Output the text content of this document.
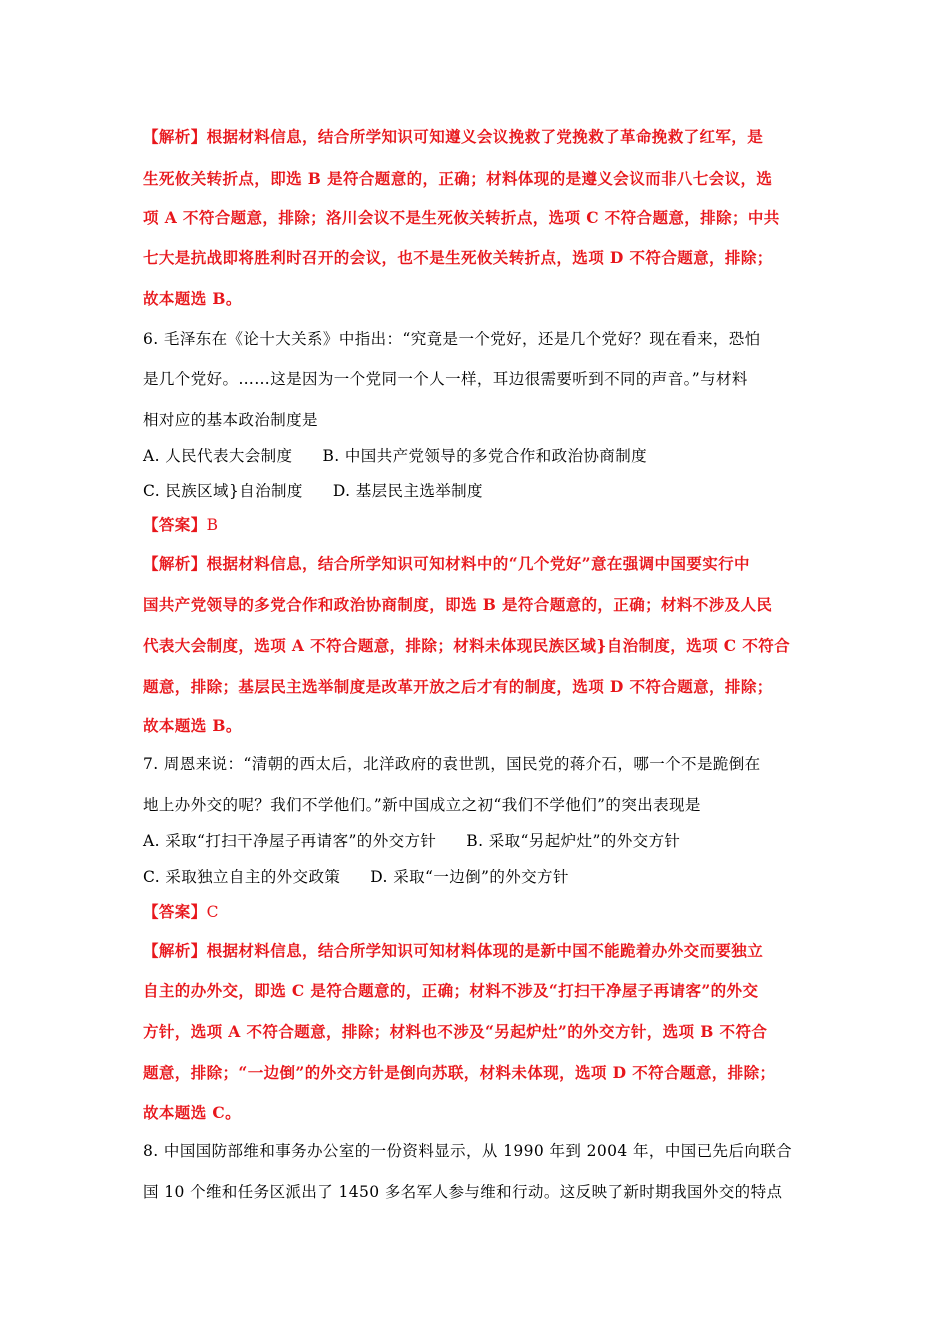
【解析】根据材料信息，结合所学知识可知遵义会议挽救了党挽救了革命挽救了红军，是
生死攸关转折点，即选 B 是符合题意的，正确；材料体现的是遵义会议而非八七会议，选
项 A 不符合题意，排除；洛川会议不是生死攸关转折点，选项 C 不符合题意，排除；中共
七大是抗战即将胜利时召开的会议，也不是生死攸关转折点，选项 D 不符合题意，排除；
故本题选 B。
6. 毛泽东在《论十大关系》中指出：“究竟是一个党好，还是几个党好？现在看来，恐怕
是几个党好。……这是因为一个党同一个人一样，耳边很需要听到不同的声音。”与材料
相对应的基本政治制度是
A. 人民代表大会制度 B. 中国共产党领导的多党合作和政治协商制度
C. 民族区域}自治制度 D. 基层民主选举制度
【答案】B
【解析】根据材料信息，结合所学知识可知材料中的“几个党好”意在强调中国要实行中
国共产党领导的多党合作和政治协商制度，即选 B 是符合题意的，正确；材料不涉及人民
代表大会制度，选项 A 不符合题意，排除；材料未体现民族区域}自治制度，选项 C 不符合
题意，排除；基层民主选举制度是改革开放之后才有的制度，选项 D 不符合题意，排除；
故本题选 B。
7. 周恩来说：“清朝的西太后，北洋政府的袁世凯，国民党的蒋介石，哪一个不是跪倒在
地上办外交的呢？我们不学他们。”新中国成立之初“我们不学他们”的突出表现是
A. 采取“打扫干净屋子再请客”的外交方针 B. 采取“另起炉灶”的外交方针
C. 采取独立自主的外交政策 D. 采取“一边倒”的外交方针
【答案】C
【解析】根据材料信息，结合所学知识可知材料体现的是新中国不能跪着办外交而要独立
自主的办外交，即选 C 是符合题意的，正确；材料不涉及“打扫干净屋子再请客”的外交
方针，选项 A 不符合题意，排除；材料也不涉及“另起炉灶”的外交方针，选项 B 不符合
题意，排除；“一边倒”的外交方针是倒向苏联，材料未体现，选项 D 不符合题意，排除；
故本题选 C。
8. 中国国防部维和事务办公室的一份资料显示，从 1990 年到 2004 年，中国已先后向联合
国 10 个维和任务区派出了 1450 多名军人参与维和行动。这反映了新时期我国外交的特点
